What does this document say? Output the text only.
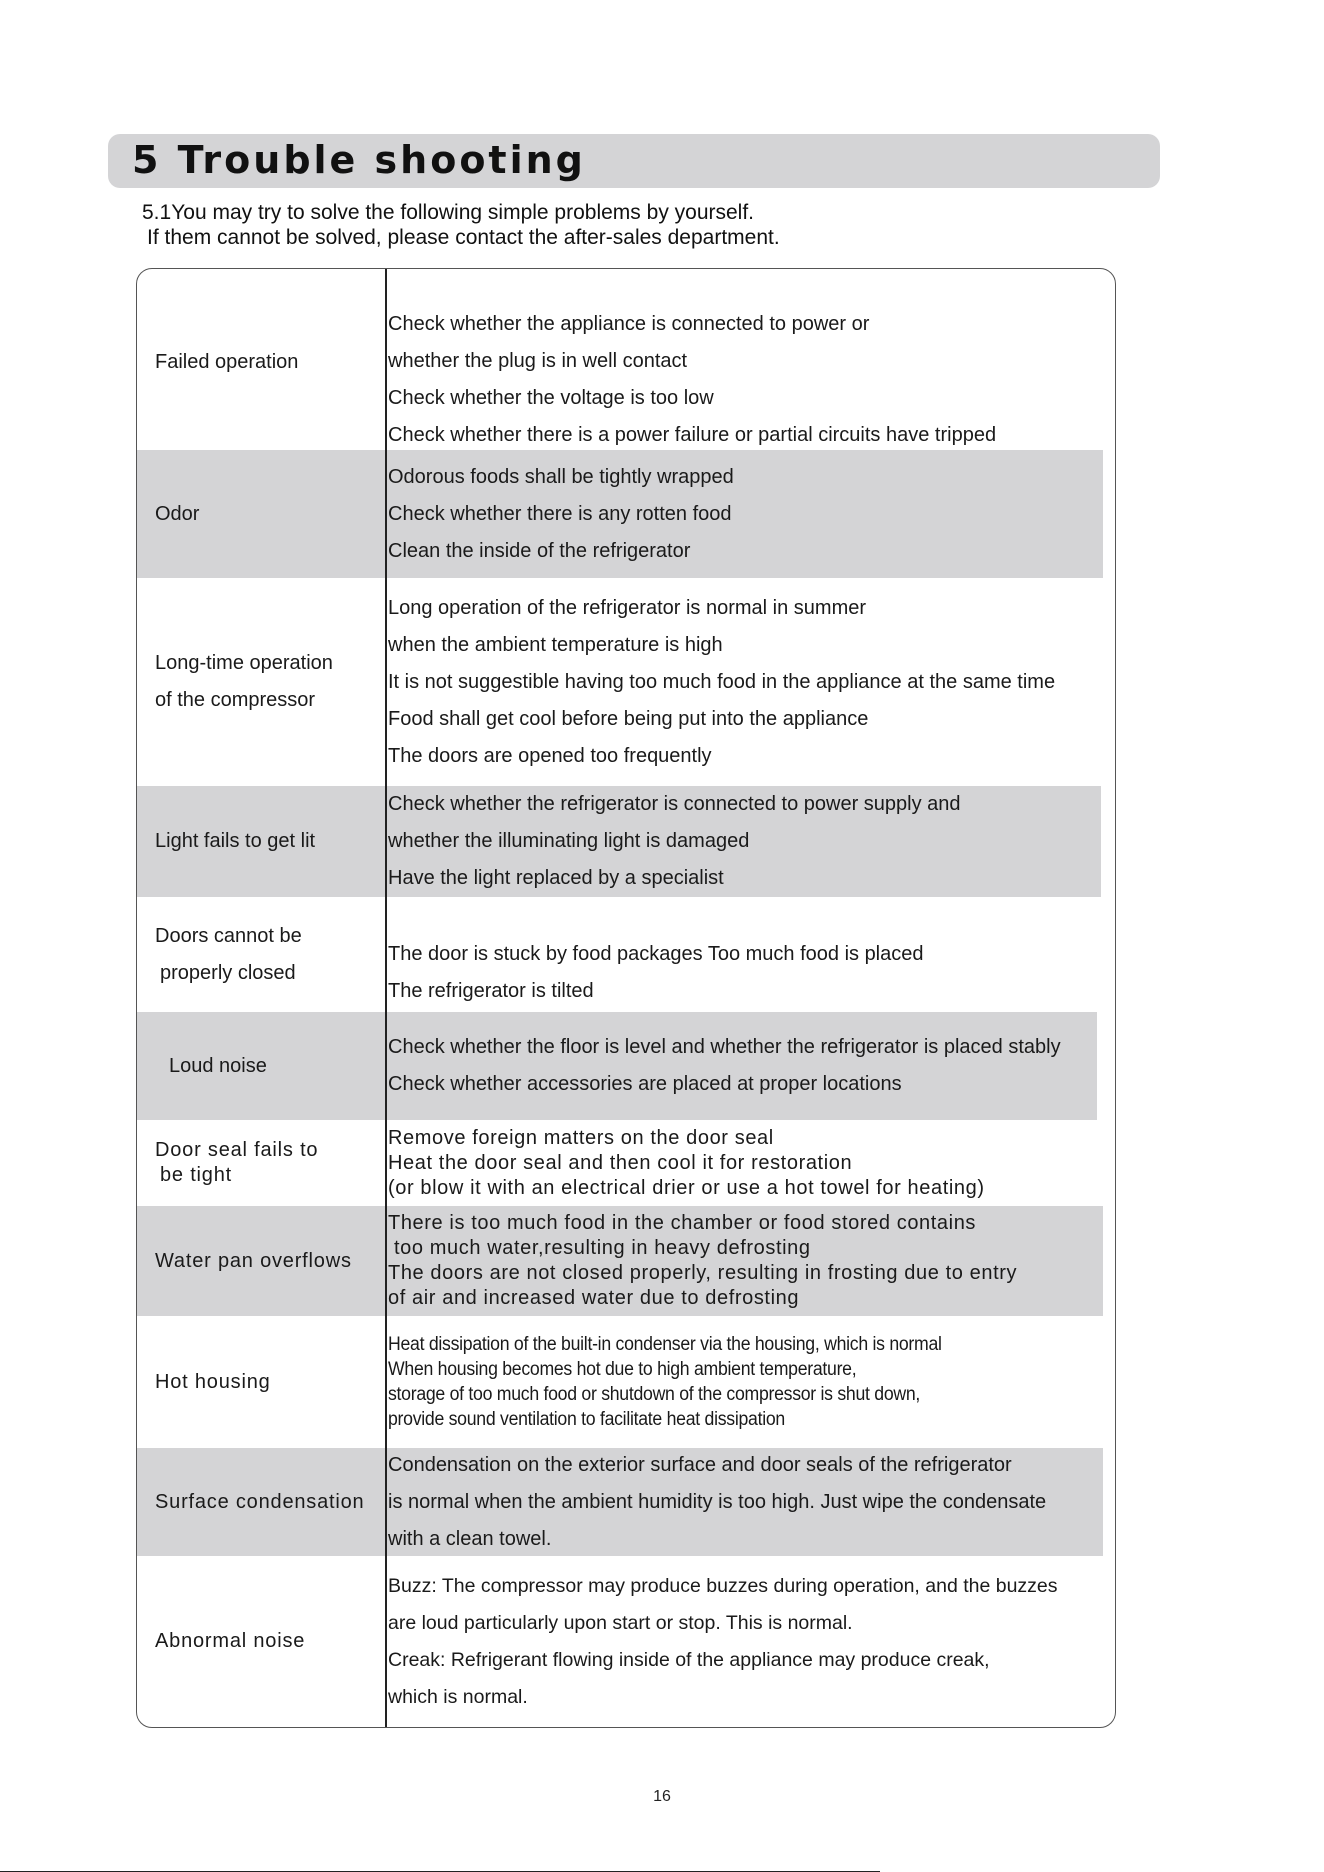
5 Trouble shooting
5.1You may try to solve the following simple problems by yourself.
If them cannot be solved, please contact the after-sales department.
Failed operation
Check whether the appliance is connected to power or
whether the plug is in well contact
Check whether the voltage is too low
Check whether there is a power failure or partial circuits have tripped
Odor
Odorous foods shall be tightly wrapped
Check whether there is any rotten food
Clean the inside of the refrigerator
Long-time operation
of the compressor
Long operation of the refrigerator is normal in summer
when the ambient temperature is high
It is not suggestible having too much food in the appliance at the same time
Food shall get cool before being put into the appliance
The doors are opened too frequently
Light fails to get lit
Check whether the refrigerator is connected to power supply and
whether the illuminating light is damaged
Have the light replaced by a specialist
Doors cannot be
properly closed
The door is stuck by food packages Too much food is placed
The refrigerator is tilted
Loud noise
Check whether the floor is level and whether the refrigerator is placed stably
Check whether accessories are placed at proper locations
Door seal fails to
be tight
Remove foreign matters on the door seal
Heat the door seal and then cool it for restoration
(or blow it with an electrical drier or use a hot towel for heating)
Water pan overflows
There is too much food in the chamber or food stored contains
too much water,resulting in heavy defrosting
The doors are not closed properly, resulting in frosting due to entry
of air and increased water due to defrosting
Hot housing
Heat dissipation of the built-in condenser via the housing, which is normal
When housing becomes hot due to high ambient temperature,
storage of too much food or shutdown of the compressor is shut down,
provide sound ventilation to facilitate heat dissipation
Surface condensation
Condensation on the exterior surface and door seals of the refrigerator
is normal when the ambient humidity is too high. Just wipe the condensate
with a clean towel.
Abnormal noise
Buzz: The compressor may produce buzzes during operation, and the buzzes
are loud particularly upon start or stop. This is normal.
Creak: Refrigerant flowing inside of the appliance may produce creak,
which is normal.
16
